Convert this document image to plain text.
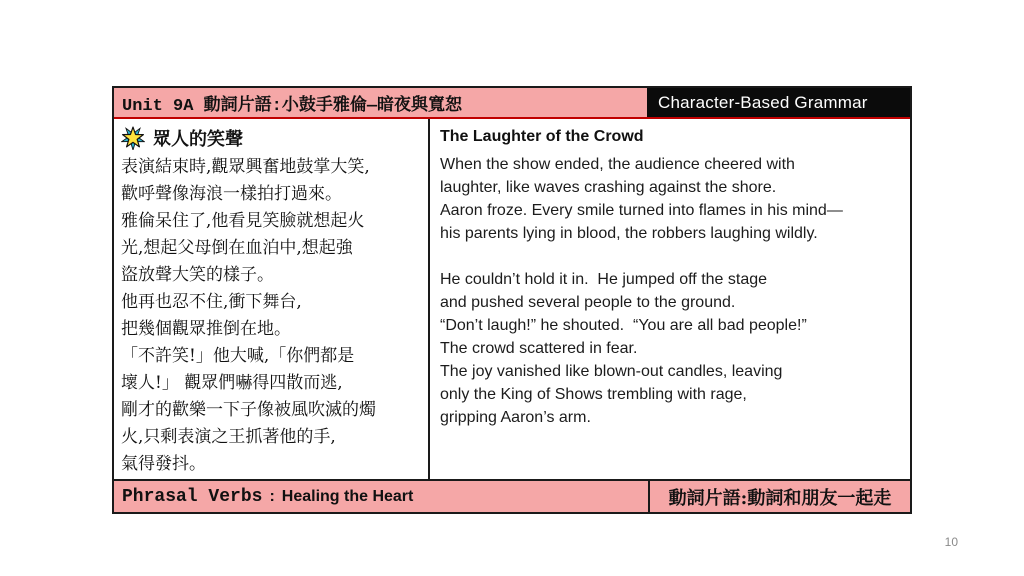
Unit 9A 動詞片語:小鼓手雅倫—暗夜與寬恕	Character-Based Grammar
眾人的笑聲
表演結束時,觀眾興奮地鼓掌大笑,
歡呼聲像海浪一樣拍打過來。
雅倫呆住了,他看見笑臉就想起火
光,想起父母倒在血泊中,想起強
盜放聲大笑的樣子。
他再也忍不住,衝下舞台,
把幾個觀眾推倒在地。
「不許笑!」他大喊,「你們都是
壞人!」 觀眾們嚇得四散而逃,
剛才的歡樂一下子像被風吹滅的燭
火,只剩表演之王抓著他的手,
氣得發抖。
The Laughter of the Crowd
When the show ended, the audience cheered with
laughter, like waves crashing against the shore.
Aaron froze. Every smile turned into flames in his mind—
his parents lying in blood, the robbers laughing wildly.

He couldn’t hold it in.  He jumped off the stage
and pushed several people to the ground.
“Don’t laugh!” he shouted.  “You are all bad people!”
The crowd scattered in fear.
The joy vanished like blown-out candles, leaving
only the King of Shows trembling with rage,
gripping Aaron’s arm.
Phrasal Verbs : Healing the Heart	動詞片語:動詞和朋友一起走
10
